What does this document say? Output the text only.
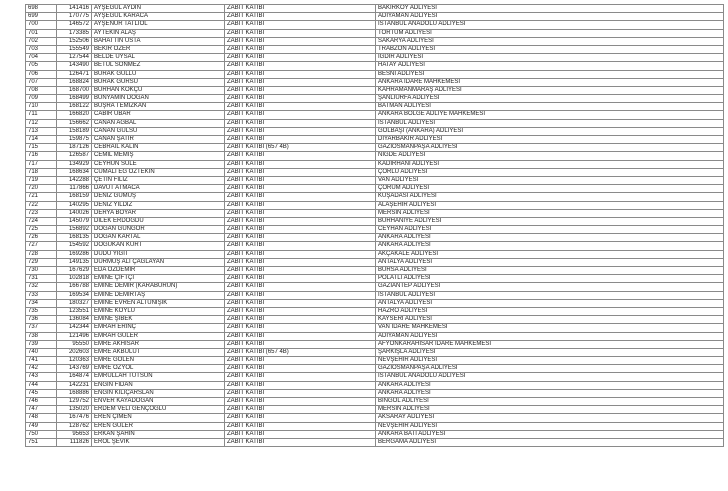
698	141416	AYŞEGÜL AYDIN	ZABIT KATİBİ	BAKIRKÖY ADLİYESİ
699	170775	AYŞEGÜL KARACA	ZABIT KATİBİ	ADIYAMAN ADLİYESİ
700	146572	AYŞENUR TATLIOL	ZABIT KATİBİ	İSTANBUL ANADOLU ADLİYESİ
701	173385	AYTEKİN ALAŞ	ZABIT KATİBİ	TORTUM ADLİYESİ
702	152506	BAHATTİN USTA	ZABIT KATİBİ	SAKARYA ADLİYESİ
703	155549	BEKİR ÖZER	ZABIT KATİBİ	TRABZON ADLİYESİ
704	127544	BELDE UYSAL	ZABIT KATİBİ	İĞDIR ADLİYESİ
705	143490	BETÜL SÖNMEZ	ZABIT KATİBİ	HATAY ADLİYESİ
706	126471	BURAK GÜLLÜ	ZABIT KATİBİ	BESNİ ADLİYESİ
707	168824	BURAK GÜRSU	ZABIT KATİBİ	ANKARA İDARE MAHKEMESİ
708	168700	BURHAN KÖKÇÜ	ZABIT KATİBİ	KAHRAMANMARAŞ ADLİYESİ
709	168499	BÜNYAMİN DOĞAN	ZABIT KATİBİ	ŞANLIURFA ADLİYESİ
710	168122	BÜŞRA TEMİZKAN	ZABIT KATİBİ	BATMAN ADLİYESİ
711	166820	CABİR UBAR	ZABIT KATİBİ	ANKARA BÖLGE ADLİYE MAHKEMESİ
712	156662	CANAN AĞBAL	ZABIT KATİBİ	İSTANBUL ADLİYESİ
713	158189	CANAN GÜLSÜ	ZABIT KATİBİ	GÖLBAŞI (ANKARA) ADLİYESİ
714	159875	CANAN ŞATIR	ZABIT KATİBİ	DİYARBAKIR ADLİYESİ
715	187126	CEBRAİL KALIN	ZABIT KATİBİ (657 4B)	GAZİOSMANPAŞA ADLİYESİ
716	126587	CEMİL MEMİŞ	ZABIT KATİBİ	NİĞDE ADLİYESİ
717	134929	CEYHUN SÜLE	ZABIT KATİBİ	KADIRHANI ADLİYESİ
718	168634	CUMALİ EĞ ÖZTEKİN	ZABIT KATİBİ	ÇORLU ADLİYESİ
719	142288	ÇETİN FİLİZ	ZABIT KATİBİ	VAN ADLİYESİ
720	117866	DAVUT ATMACA	ZABIT KATİBİ	ÇORUM ADLİYESİ
721	168159	DENİZ GÜMÜŞ	ZABIT KATİBİ	KUŞADASI ADLİYESİ
722	140295	DENİZ YILDIZ	ZABIT KATİBİ	ALAŞEHİR ADLİYESİ
723	140026	DERYA BOYAR	ZABIT KATİBİ	MERSİN ADLİYESİ
724	145079	DİLEK ERDOĞDU	ZABIT KATİBİ	BURHANİYE ADLİYESİ
725	156892	DOĞAN GÜNGÖR	ZABIT KATİBİ	CEYHAN ADLİYESİ
726	168135	DOĞAN KARTAL	ZABIT KATİBİ	ANKARA ADLİYESİ
727	154592	DOĞUKAN KURT	ZABIT KATİBİ	ANKARA ADLİYESİ
728	169286	DUDU YİĞİT	ZABIT KATİBİ	AKÇAKALE ADLİYESİ
729	149135	DURMUŞ ALİ ÇAĞLAYAN	ZABIT KATİBİ	ANTALYA ADLİYESİ
730	167629	EDA ÖZDEMİR	ZABIT KATİBİ	BURSA ADLİYESİ
731	102818	EMİNE ÇİFTÇİ	ZABIT KATİBİ	POLATLI ADLİYESİ
732	166788	EMİNE DEMİR (KARABURUN)	ZABIT KATİBİ	GAZİANTEP ADLİYESİ
733	169534	EMİNE DEMİRTAŞ	ZABIT KATİBİ	İSTANBUL ADLİYESİ
734	180327	EMİNE EVREN ALTUNIŞIK	ZABIT KATİBİ	ANTALYA ADLİYESİ
735	123551	EMİNE KÖYLÜ	ZABIT KATİBİ	HAZRO ADLİYESİ
736	136084	EMİNE ŞİBEK	ZABIT KATİBİ	KAYSERİ ADLİYESİ
737	142344	EMRAH ERİNÇ	ZABIT KATİBİ	VAN İDARE MAHKEMESİ
738	121496	EMRAH GÜLER	ZABIT KATİBİ	ADIYAMAN ADLİYESİ
739	95550	EMRE AKHİSAR	ZABIT KATİBİ	AFYONKARAHİSAR İDARE MAHKEMESİ
740	202603	EMRE AKBULUT	ZABIT KATİBİ (657 4B)	ŞARKIŞLA ADLİYESİ
741	120363	EMRE GÖLEN	ZABIT KATİBİ	NEVŞEHİR ADLİYESİ
742	143769	EMRE ÖZYOL	ZABIT KATİBİ	GAZİOSMANPAŞA ADLİYESİ
743	164874	EMRULLAH TUTSUN	ZABIT KATİBİ	İSTANBUL ANADOLU ADLİYESİ
744	142231	ENGİN FİDAN	ZABIT KATİBİ	ANKARA ADLİYESİ
745	168886	ENGİN KILIÇARSLAN	ZABIT KATİBİ	ANKARA ADLİYESİ
746	129752	ENVER KAYADOĞAN	ZABIT KATİBİ	BİNGÖL ADLİYESİ
747	135020	ERDEM VELİ GENÇOĞLU	ZABIT KATİBİ	MERSİN ADLİYESİ
748	167476	EREN ÇİMEN	ZABIT KATİBİ	AKSARAY ADLİYESİ
749	128762	EREN GÜLER	ZABIT KATİBİ	NEVŞEHİR ADLİYESİ
750	95653	ERKAN ŞAHİN	ZABIT KATİBİ	ANKARA BATI ADLİYESİ
751	111826	EROL ŞEVİK	ZABIT KATİBİ	BERGAMA ADLİYESİ
